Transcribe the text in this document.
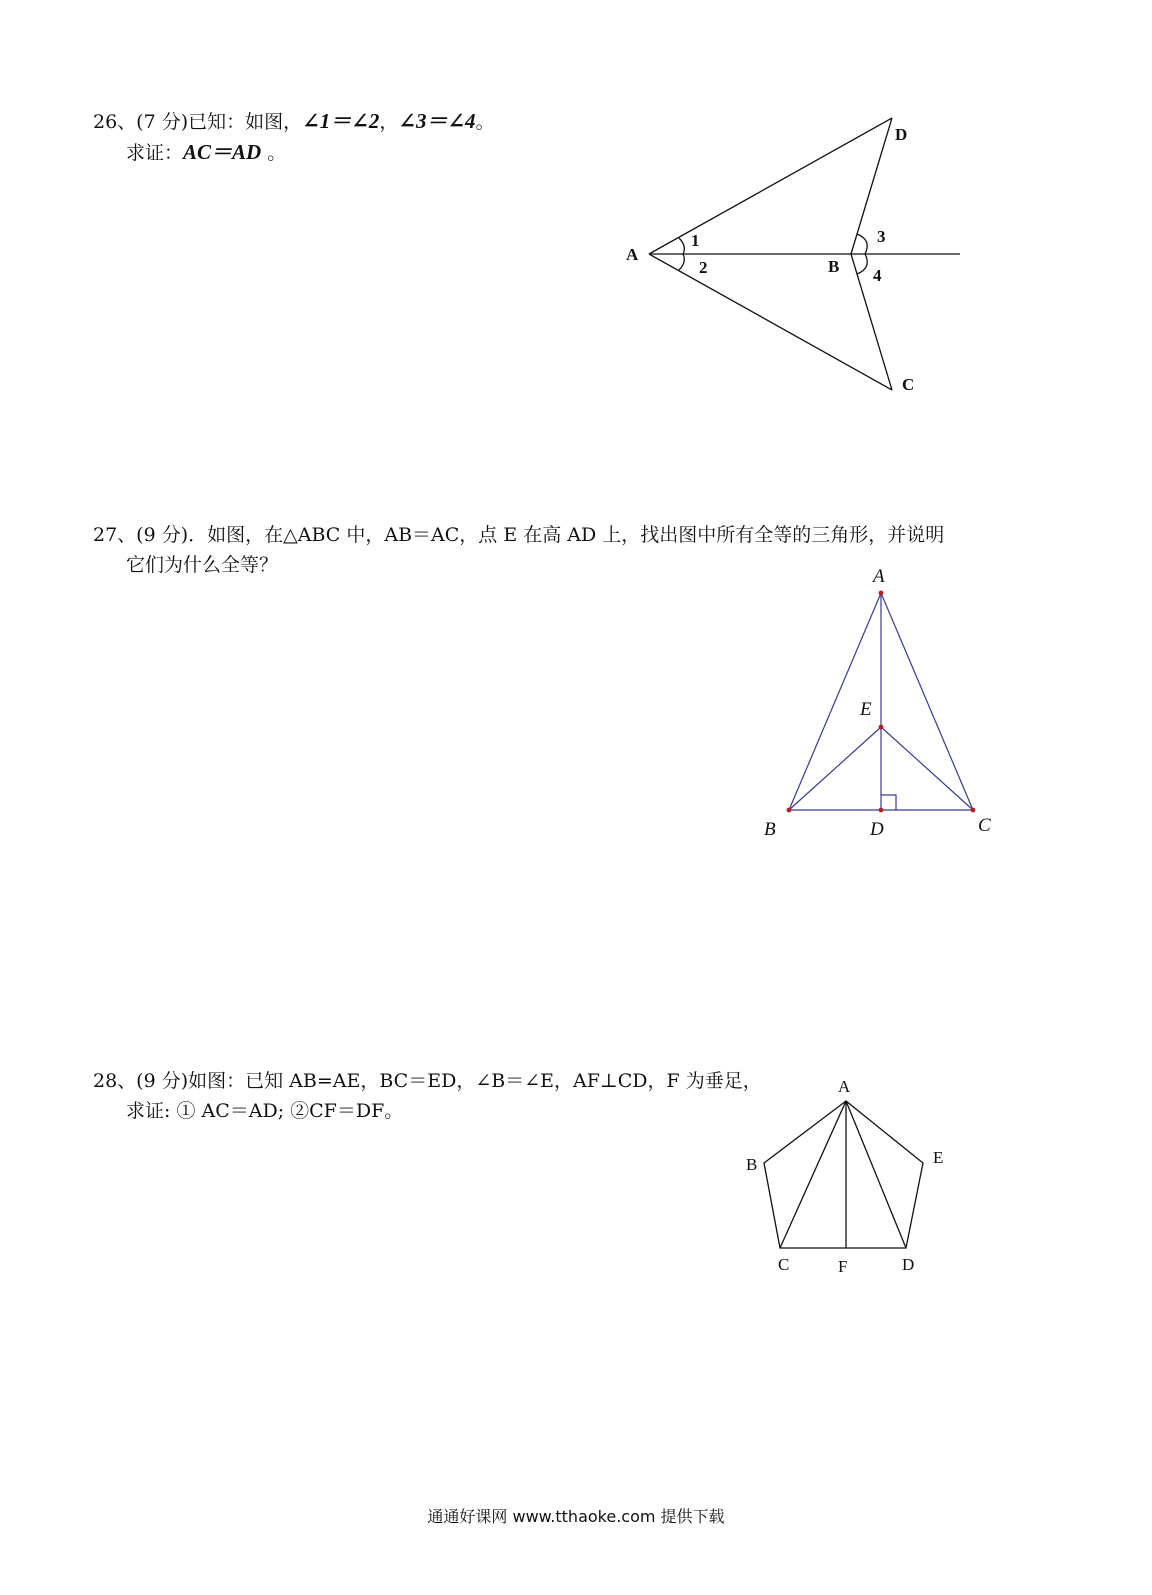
26、(7 分)已知：如图，∠1＝∠2，∠3＝∠4。
求证：AC＝AD 。
A
B
C
D
1
2
3
4
27、(9 分)．如图，在△ABC 中，AB＝AC，点 E 在高 AD 上，找出图中所有全等的三角形，并说明
它们为什么全等？
A
E
B	D	C
28、(9 分)如图：已知 AB=AE，BC＝ED，∠B＝∠E，AF⊥CD，F 为垂足，
求证: ① AC＝AD; ②CF＝DF。
A
B	E
C	F	D
通通好课网 www.tthaoke.com 提供下载
